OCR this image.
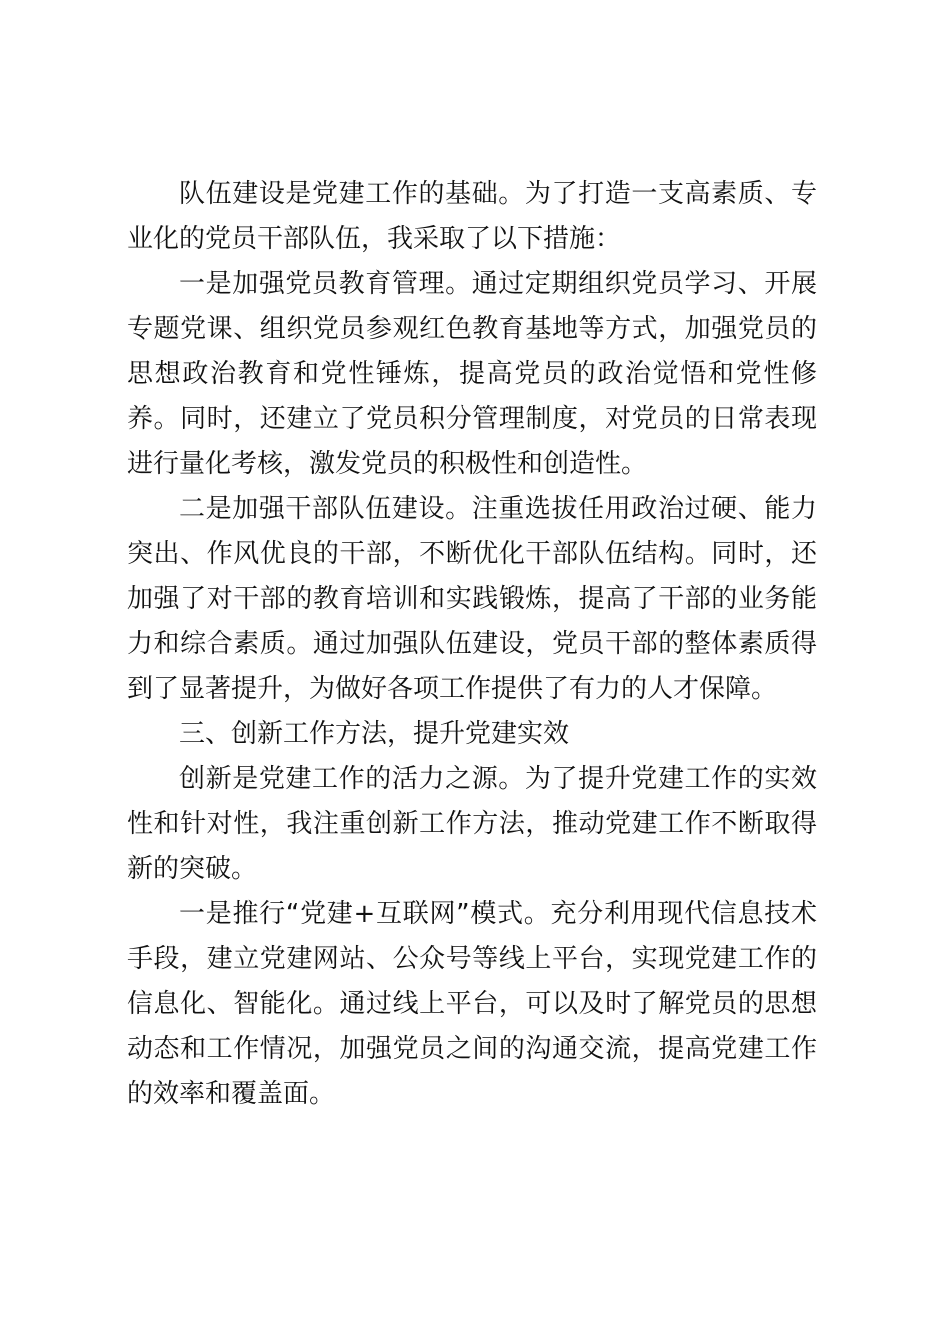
队伍建设是党建工作的基础。为了打造一支高素质、专业化的党员干部队伍，我采取了以下措施：

一是加强党员教育管理。通过定期组织党员学习、开展专题党课、组织党员参观红色教育基地等方式，加强党员的思想政治教育和党性锤炼，提高党员的政治觉悟和党性修养。同时，还建立了党员积分管理制度，对党员的日常表现进行量化考核，激发党员的积极性和创造性。

二是加强干部队伍建设。注重选拔任用政治过硬、能力突出、作风优良的干部，不断优化干部队伍结构。同时，还加强了对干部的教育培训和实践锻炼，提高了干部的业务能力和综合素质。通过加强队伍建设，党员干部的整体素质得到了显著提升，为做好各项工作提供了有力的人才保障。

三、创新工作方法，提升党建实效

创新是党建工作的活力之源。为了提升党建工作的实效性和针对性，我注重创新工作方法，推动党建工作不断取得新的突破。

一是推行“党建+互联网”模式。充分利用现代信息技术手段，建立党建网站、公众号等线上平台，实现党建工作的信息化、智能化。通过线上平台，可以及时了解党员的思想动态和工作情况，加强党员之间的沟通交流，提高党建工作的效率和覆盖面。
